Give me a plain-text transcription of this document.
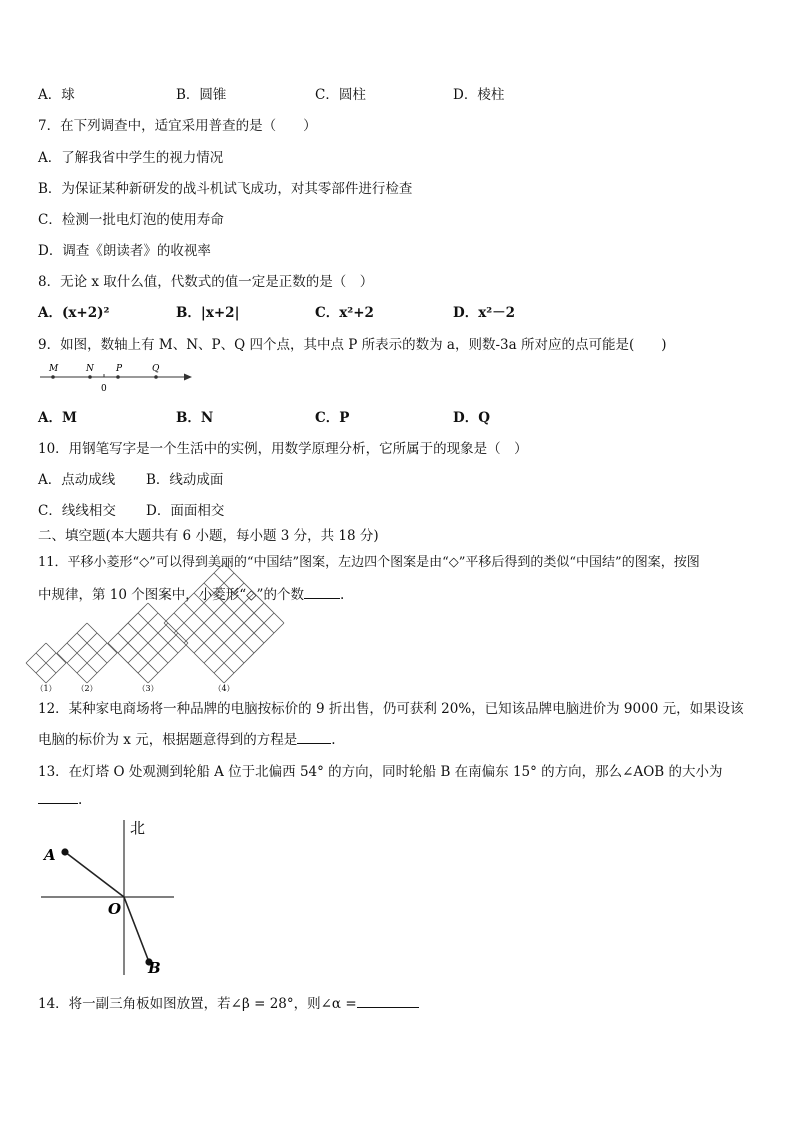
A．球	B．圆锥	C．圆柱	D．棱柱
7．在下列调查中，适宜采用普查的是（　　）
A．了解我省中学生的视力情况
B．为保证某种新研发的战斗机试飞成功，对其零部件进行检查
C．检测一批电灯泡的使用寿命
D．调查《朗读者》的收视率
8．无论 x 取什么值，代数式的值一定是正数的是（　）
A．(x+2)²	B．|x+2|	C．x²+2	D．x²－2
9．如图，数轴上有 M、N、P、Q 四个点，其中点 P 所表示的数为 a，则数-3a 所对应的点可能是(　　)
M	N P	Q
0
A．M	B．N	C．P	D．Q
10．用钢笔写字是一个生活中的实例，用数学原理分析，它所属于的现象是（　）
A．点动成线 B．线动成面
C．线线相交 D．面面相交
二、填空题(本大题共有 6 小题，每小题 3 分，共 18 分)
11．平移小菱形“◇”可以得到美丽的“中国结”图案，左边四个图案是由“◇”平移后得到的类似“中国结”的图案，按图
中规律，第 10 个图案中，小菱形“◇”的个数	.
（1） （2）	（3）	（4）
12．某种家电商场将一种品牌的电脑按标价的 9 折出售，仍可获利 20%，已知该品牌电脑进价为 9000 元，如果设该
电脑的标价为 x 元，根据题意得到的方程是	.
13．在灯塔 O 处观测到轮船 A 位于北偏西 54° 的方向，同时轮船 B 在南偏东 15° 的方向，那么∠AOB 的大小为
.
北
A
O
B
14．将一副三角板如图放置，若∠β = 28°，则∠α =
